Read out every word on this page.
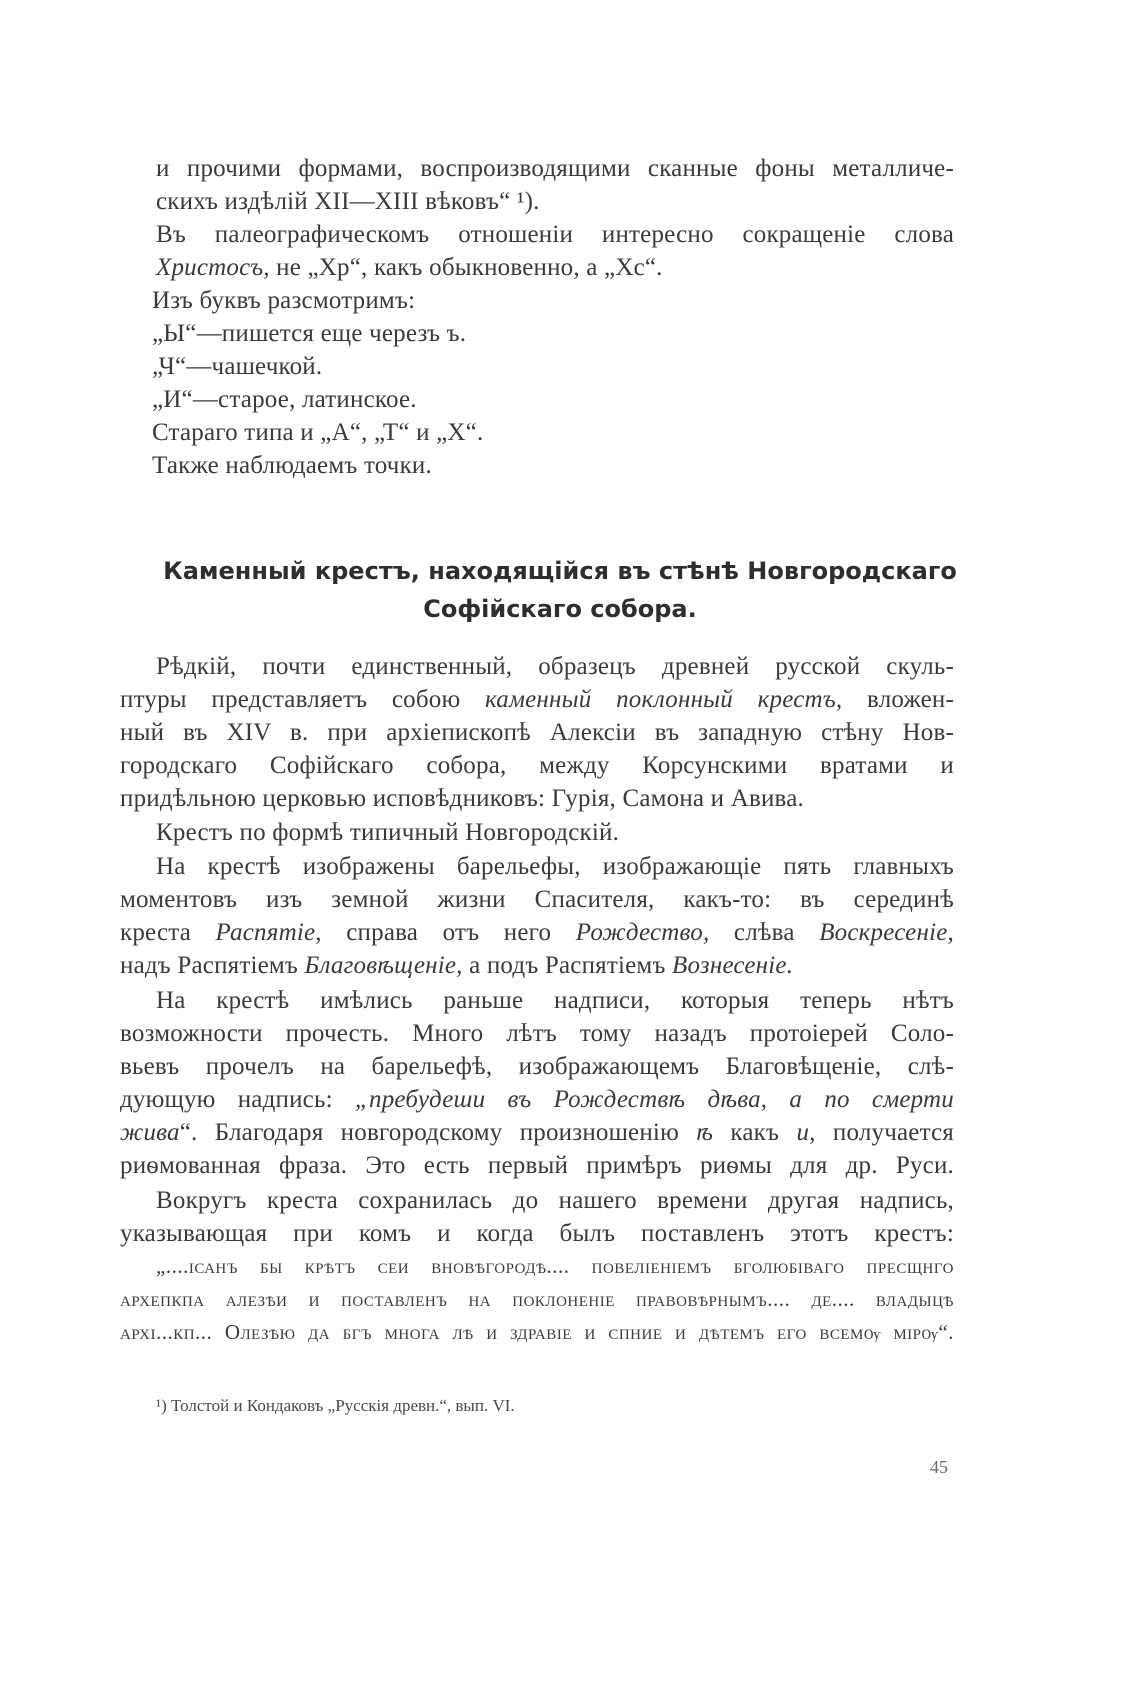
и прочими формами, воспроизводящими сканные фоны металличе-
скихъ издѣлій XII—XIII вѣковъ“ ¹).
Въ палеографическомъ отношеніи интересно сокращеніе слова
Христосъ, не „Хр“, какъ обыкновенно, а „Хс“.
Изъ буквъ разсмотримъ:
„Ы“—пишется еще черезъ ъ.
„Ч“—чашечкой.
„И“—старое, латинское.
Стараго типа и „А“, „Т“ и „Х“.
Также наблюдаемъ точки.
Каменный крестъ, находящійся въ стѣнѣ Новгородскаго
Софійскаго собора.
Рѣдкій, почти единственный, образецъ древней русской скуль-
птуры представляетъ собою каменный поклонный крестъ, вложен-
ный въ XIV в. при архіепископѣ Алексіи въ западную стѣну Нов-
городскаго Софійскаго собора, между Корсунскими вратами и
придѣльною церковью исповѣдниковъ: Гурія, Самона и Авива.
Крестъ по формѣ типичный Новгородскій.
На крестѣ изображены барельефы, изображающіе пять главныхъ
моментовъ изъ земной жизни Спасителя, какъ-то: въ серединѣ
креста Распятіе, справа отъ него Рождество, слѣва Воскресеніе,
надъ Распятіемъ Благовѣщеніе, а подъ Распятіемъ Вознесеніе.
На крестѣ имѣлись раньше надписи, которыя теперь нѣтъ
возможности прочесть. Много лѣтъ тому назадъ протоіерей Соло-
вьевъ прочелъ на барельефѣ, изображающемъ Благовѣщеніе, слѣ-
дующую надпись: „пребудеши въ Рождествѣ дѣва, а по смерти
жива“. Благодаря новгородскому произношенію ѣ какъ и, получается
риѳмованная фраза. Это есть первый примѣръ риѳмы для др. Руси.
Вокругъ креста сохранилась до нашего времени другая надпись,
указывающая при комъ и когда былъ поставленъ этотъ крестъ:
„....ісанъ бы крѣтъ сеи вновѣгородѣ.... повеліеніемъ бголюбіваго пресщнго
архепкпа алезѣи и поставленъ на поклоненіе правовѣрнымъ.... де.... владыцѣ
архі...кп... Олезѣю да бгъ многа лѣ и здравіе и спние и дѣтемъ его всемѹ мірѹ“.
¹) Толстой и Кондаковъ „Русскія древн.“, вып. VI.
45
